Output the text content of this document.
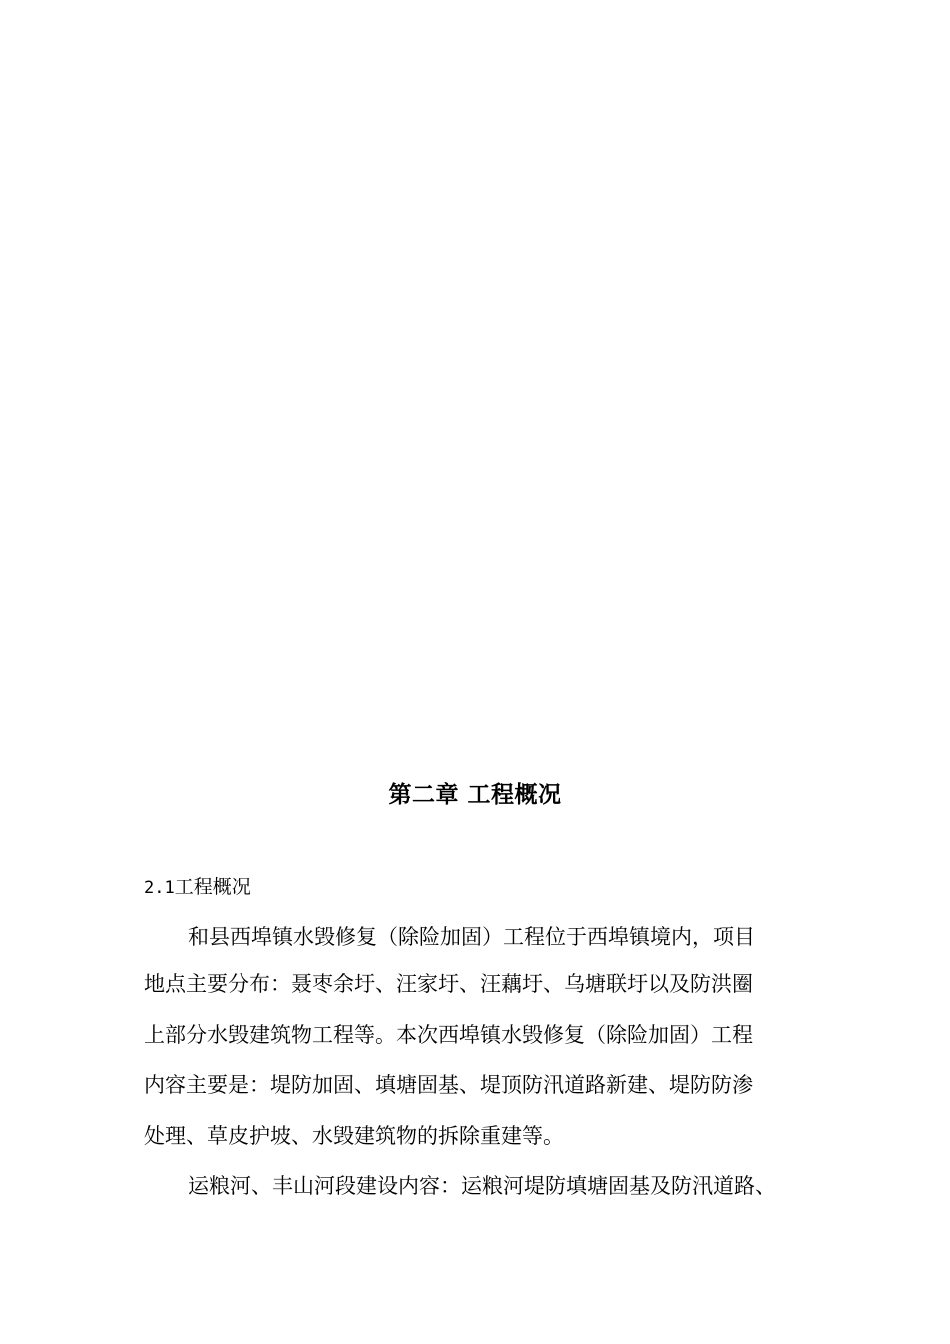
第二章 工程概况
2.1工程概况

和县西埠镇水毁修复（除险加固）工程位于西埠镇境内，项目

地点主要分布：聂枣余圩、汪家圩、汪藕圩、乌塘联圩以及防洪圈

上部分水毁建筑物工程等。本次西埠镇水毁修复（除险加固）工程

内容主要是：堤防加固、填塘固基、堤顶防汛道路新建、堤防防渗

处理、草皮护坡、水毁建筑物的拆除重建等。

运粮河、丰山河段建设内容：运粮河堤防填塘固基及防汛道路、
